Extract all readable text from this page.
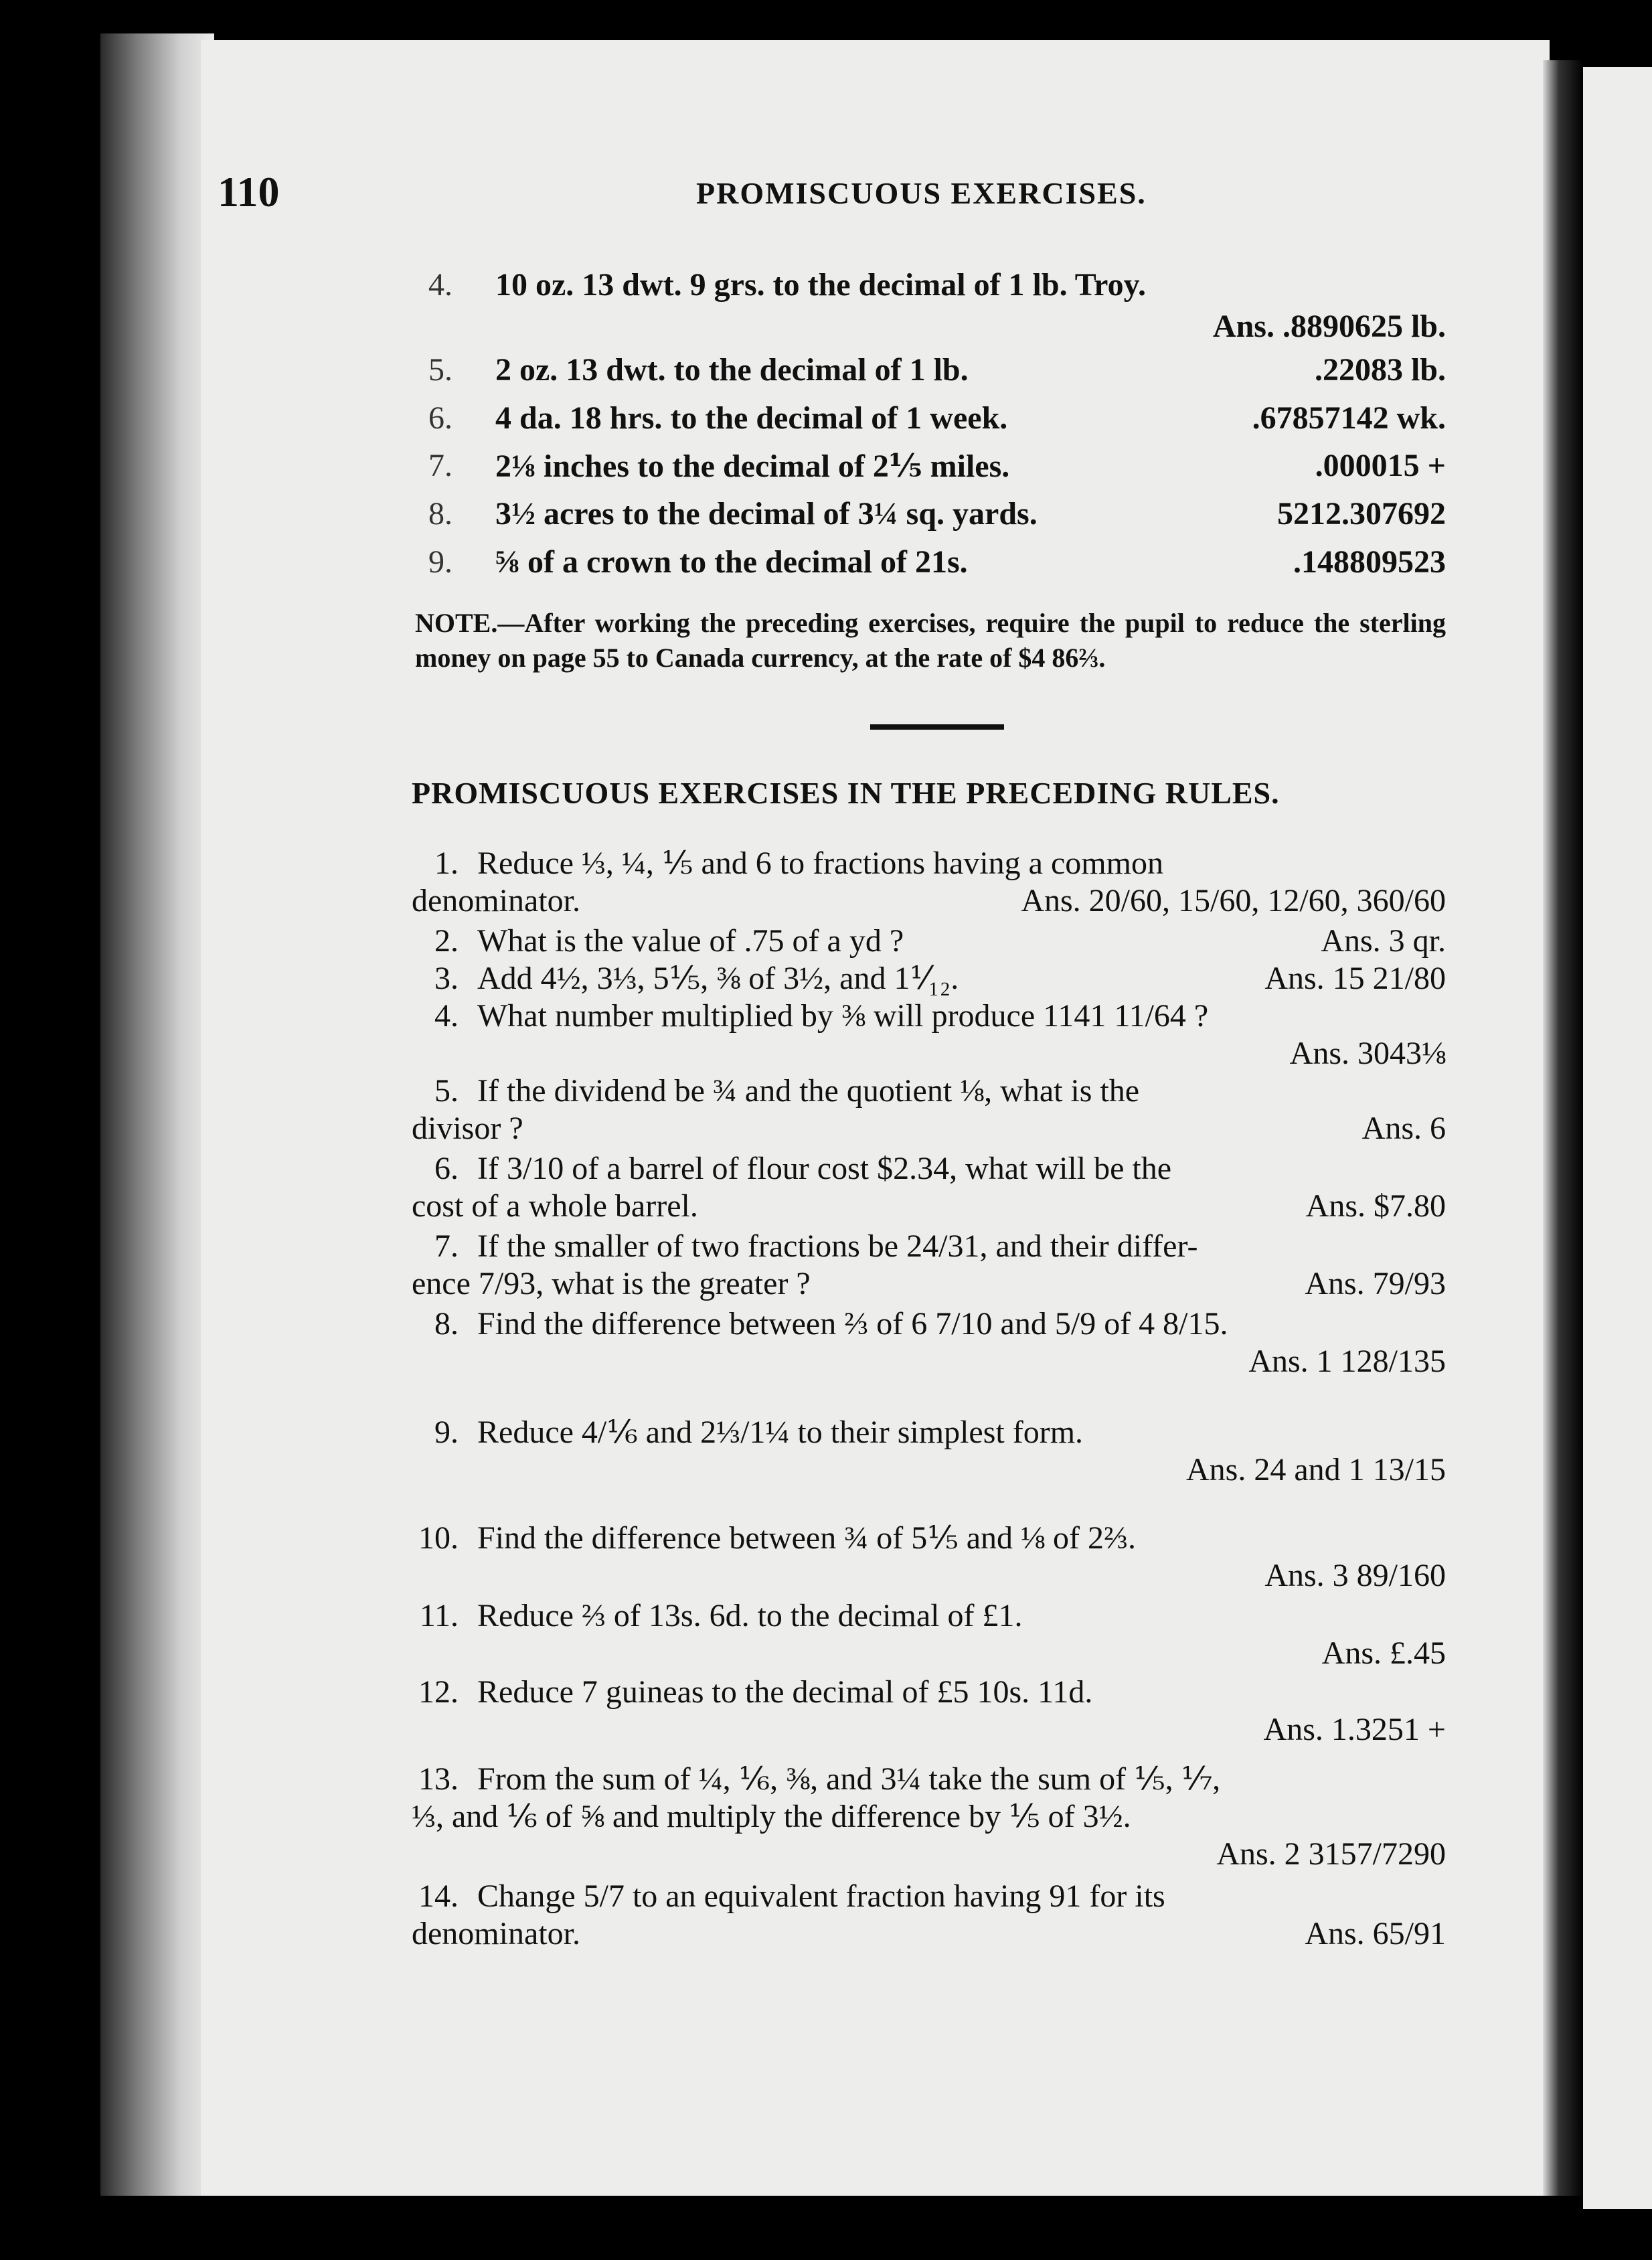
110	PROMISCUOUS EXERCISES.
4. 10 oz. 13 dwt. 9 grs. to the decimal of 1 lb. Troy.
Ans. .8890625 lb.
5. 2 oz. 13 dwt. to the decimal of 1 lb.	.22083 lb.
6. 4 da. 18 hrs. to the decimal of 1 week.	.67857142 wk.
7. 2⅛ inches to the decimal of 2⅕ miles.	.000015 +
8. 3½ acres to the decimal of 3¼ sq. yards.	5212.307692
9. ⅝ of a crown to the decimal of 21s.	.148809523
NOTE.—After working the preceding exercises, require the pupil to reduce the sterling money on page 55 to Canada currency, at the rate of $4 86⅔.
PROMISCUOUS EXERCISES IN THE PRECEDING RULES.
1. Reduce ⅓, ¼, ⅕ and 6 to fractions having a common
denominator.	Ans. 20/60, 15/60, 12/60, 360/60
2. What is the value of .75 of a yd ?	Ans. 3 qr.
3. Add 4½, 3⅓, 5⅕, ⅜ of 3½, and 1⅟₁₂.	Ans. 15 21/80
4. What number multiplied by ⅜ will produce 1141 11/64 ?
Ans. 3043⅛
5. If the dividend be ¾ and the quotient ⅛, what is the
divisor ?	Ans. 6
6. If 3/10 of a barrel of flour cost $2.34, what will be the
cost of a whole barrel.	Ans. $7.80
7. If the smaller of two fractions be 24/31, and their differ-
ence 7/93, what is the greater ?	Ans. 79/93
8. Find the difference between ⅔ of 6 7/10 and 5/9 of 4 8/15.
Ans. 1 128/135
9. Reduce 4/⅙ and 2⅓/1¼ to their simplest form.
Ans. 24 and 1 13/15
10. Find the difference between ¾ of 5⅕ and ⅛ of 2⅔.
Ans. 3 89/160
11. Reduce ⅔ of 13s. 6d. to the decimal of £1.
Ans. £.45
12. Reduce 7 guineas to the decimal of £5 10s. 11d.
Ans. 1.3251 +
13. From the sum of ¼, ⅙, ⅜, and 3¼ take the sum of ⅕, ⅐,
⅓, and ⅙ of ⅝ and multiply the difference by ⅕ of 3½.
Ans. 2 3157/7290
14. Change 5/7 to an equivalent fraction having 91 for its
denominator.	Ans. 65/91
